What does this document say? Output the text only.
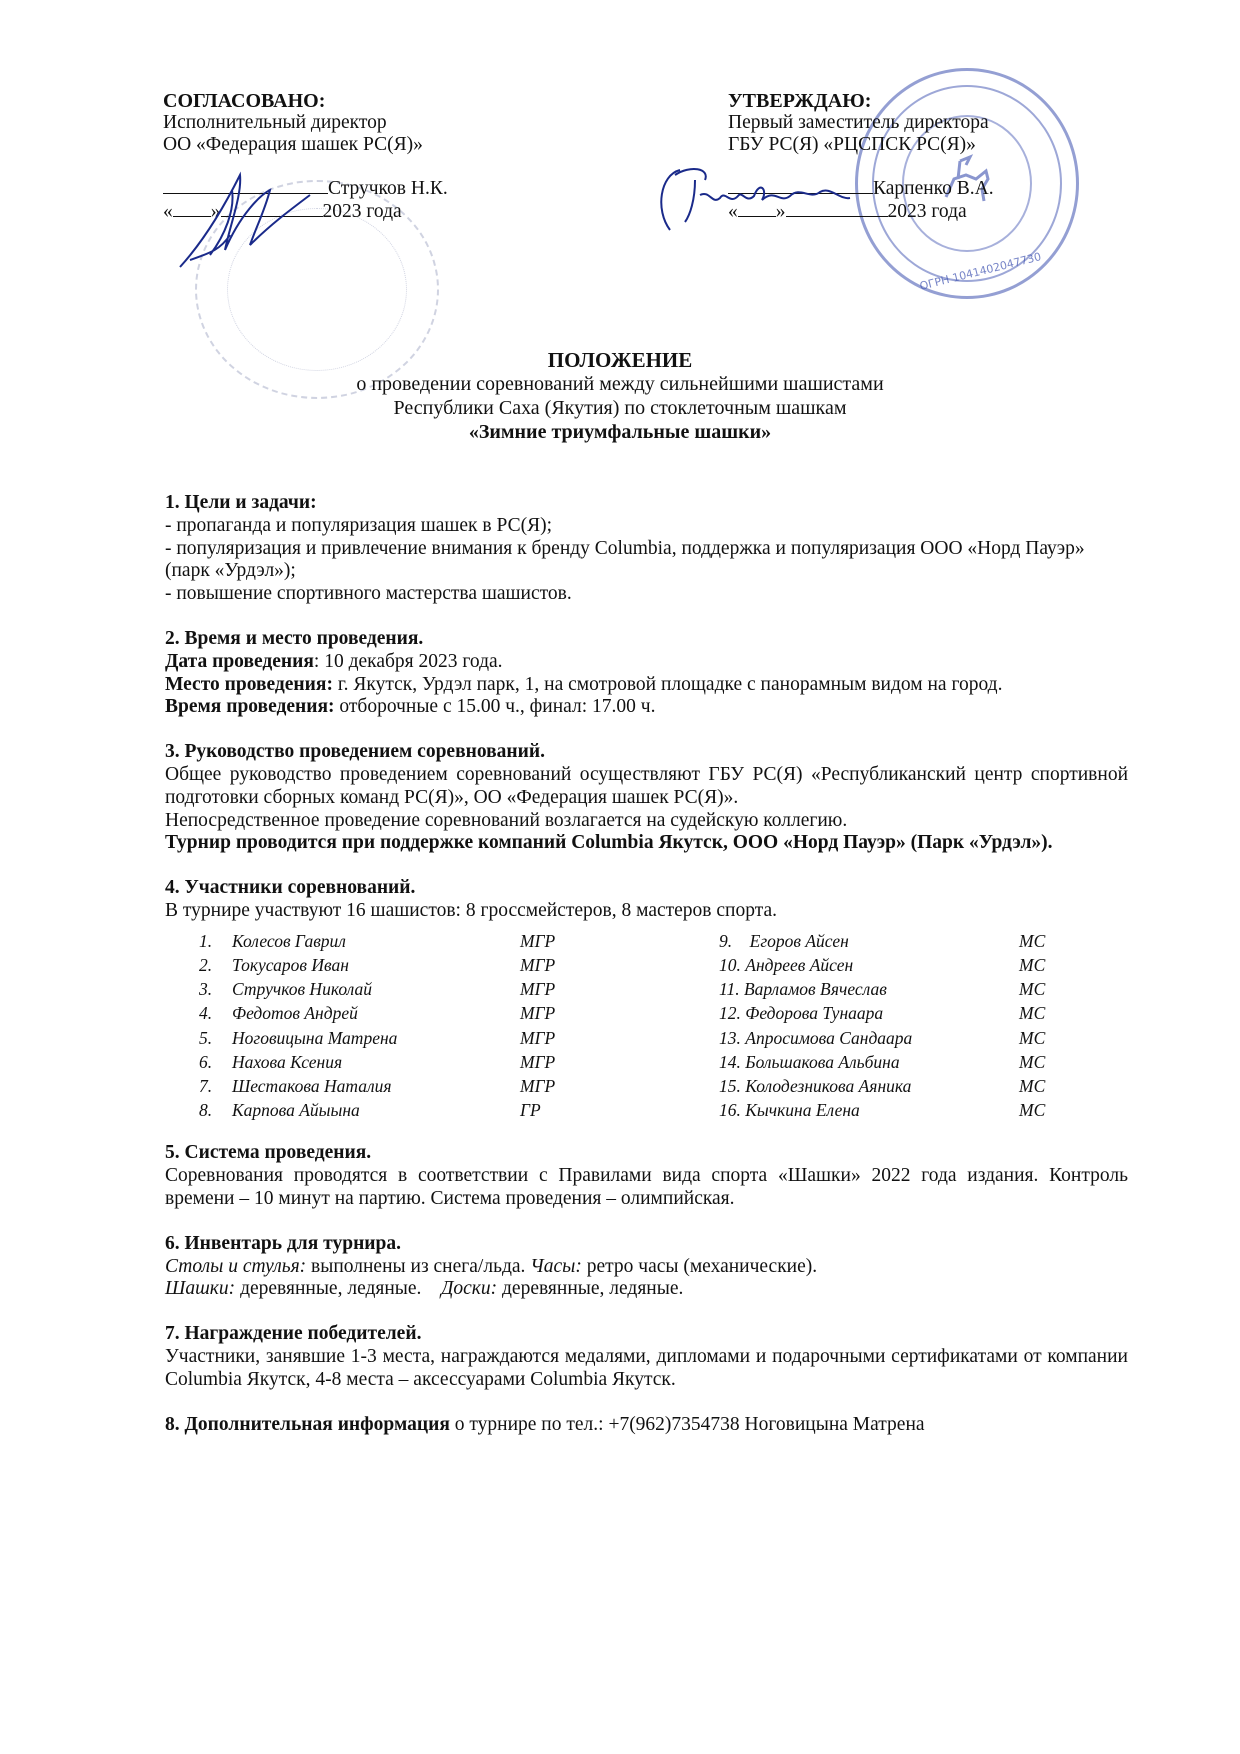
СОГЛАСОВАНО:
Исполнительный директор
ОО «Федерация шашек РС(Я)»
Стручков Н.К.
« »	2023 года
ОГРН 1041402047730
УТВЕРЖДАЮ:
Первый заместитель директора
ГБУ РС(Я) «РЦСПСК РС(Я)»
Карпенко В.А.
« »	2023 года
ПОЛОЖЕНИЕ
о проведении соревнований между сильнейшими шашистами
Республики Саха (Якутия) по стоклеточным шашкам
«Зимние триумфальные шашки»
1. Цели и задачи:

- пропаганда и популяризация шашек в РС(Я);

- популяризация и привлечение внимания к бренду Columbia, поддержка и популяризация ООО «Норд Пауэр» (парк «Урдэл»);

- повышение спортивного мастерства шашистов.

2. Время и место проведения.

Дата проведения: 10 декабря 2023 года.

Место проведения: г. Якутск, Урдэл парк, 1, на смотровой площадке с панорамным видом на город.

Время проведения: отборочные с 15.00 ч., финал: 17.00 ч.

3. Руководство проведением соревнований.

Общее руководство проведением соревнований осуществляют ГБУ РС(Я) «Республиканский центр спортивной подготовки сборных команд РС(Я)», ОО «Федерация шашек РС(Я)».

Непосредственное проведение соревнований возлагается на судейскую коллегию.

Турнир проводится при поддержке компаний Columbia Якутск, ООО «Норд Пауэр» (Парк «Урдэл»).

4. Участники соревнований.

В турнире участвуют 16 шашистов: 8 гроссмейстеров, 8 мастеров спорта.

1.	Колесов Гаврил	МГР
2.	Токусаров Иван	МГР
3.	Стручков Николай	МГР
4.	Федотов Андрей	МГР
5.	Ноговицына Матрена	МГР
6.	Нахова Ксения	МГР
7.	Шестакова Наталия	МГР
8.	Карпова Айыына	ГР
9.    Егоров Айсен	МС
10. Андреев Айсен	МС
11. Варламов Вячеслав	МС
12. Федорова Тунаара	МС
13. Апросимова Сандаара	МС
14. Большакова Альбина	МС
15. Колодезникова Аяника	МС
16. Кычкина Елена	МС
5. Система проведения.

Соревнования проводятся в соответствии с Правилами вида спорта «Шашки» 2022 года издания. Контроль времени – 10 минут на партию. Система проведения – олимпийская.

6. Инвентарь для турнира.

Столы и стулья: выполнены из снега/льда. Часы: ретро часы (механические).

Шашки: деревянные, ледяные.    Доски: деревянные, ледяные.

7. Награждение победителей.

Участники, занявшие 1-3 места, награждаются медалями, дипломами и подарочными сертификатами от компании Columbia Якутск, 4-8 места – аксессуарами Columbia Якутск.

8. Дополнительная информация о турнире по тел.: +7(962)7354738 Ноговицына Матрена
